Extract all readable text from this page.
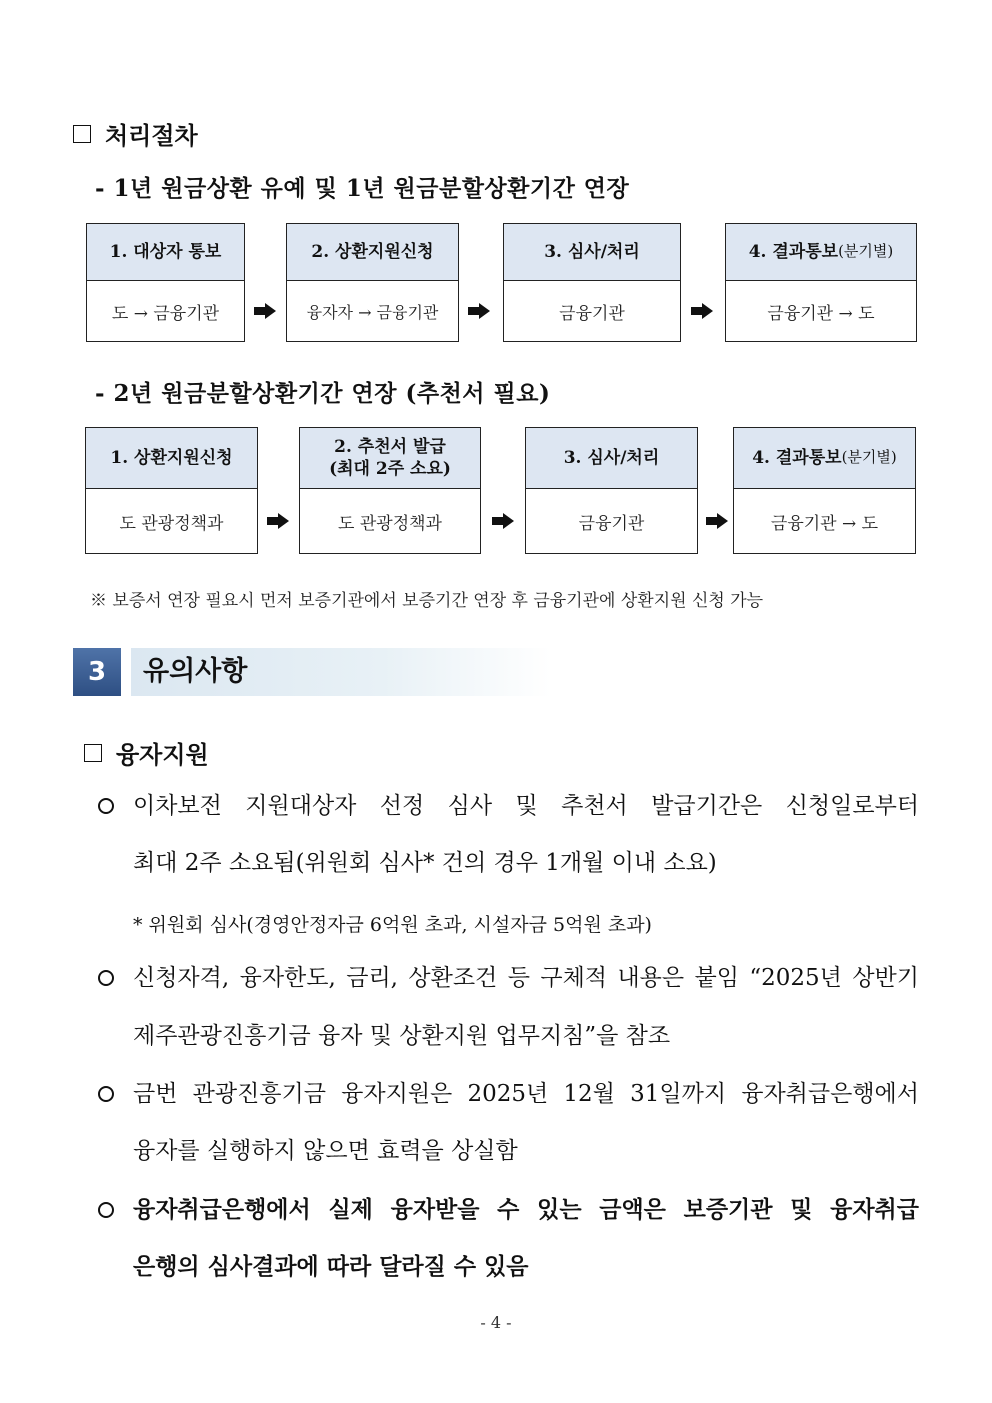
처리절차
- 1년 원금상환 유예 및 1년 원금분할상환기간 연장
1. 대상자 통보
도 → 금융기관
2. 상환지원신청
융자자 → 금융기관
3. 심사/처리
금융기관
4. 결과통보 (분기별)
금융기관 → 도
- 2년 원금분할상환기간 연장 (추천서 필요)
1. 상환지원신청
도 관광정책과
2. 추천서 발급
(최대 2주 소요)
도 관광정책과
3. 심사/처리
금융기관
4. 결과통보 (분기별)
금융기관 → 도
※ 보증서 연장 필요시 먼저 보증기관에서 보증기간 연장 후 금융기관에 상환지원 신청 가능
3	유의사항
융자지원
이차보전 지원대상자 선정 심사 및 추천서 발급기간은 신청일로부터
최대 2주 소요됨(위원회 심사* 건의 경우 1개월 이내 소요)
* 위원회 심사(경영안정자금 6억원 초과, 시설자금 5억원 초과)
신청자격, 융자한도, 금리, 상환조건 등 구체적 내용은 붙임 “2025년 상반기
제주관광진흥기금 융자 및 상환지원 업무지침”을 참조
금번 관광진흥기금 융자지원은 2025년 12월 31일까지 융자취급은행에서
융자를 실행하지 않으면 효력을 상실함
융자취급은행에서 실제 융자받을 수 있는 금액은 보증기관 및 융자취급
은행의 심사결과에 따라 달라질 수 있음
- 4 -
